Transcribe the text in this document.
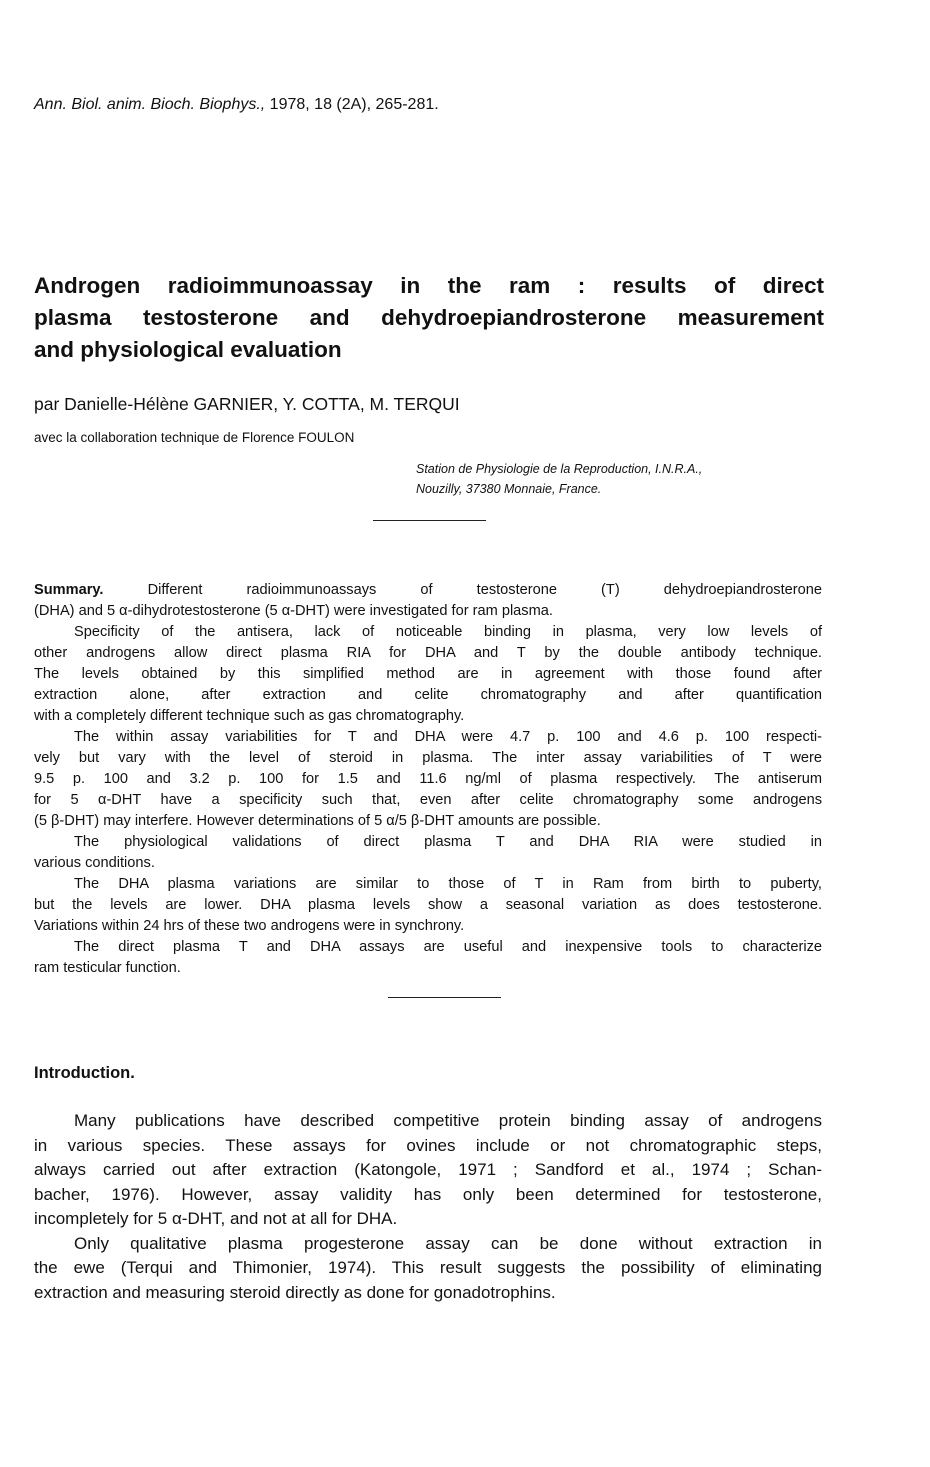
Ann. Biol. anim. Bioch. Biophys., 1978, 18 (2A), 265-281.
Androgen radioimmunoassay in the ram : results of direct
plasma testosterone and dehydroepiandrosterone measurement
and physiological evaluation
par Danielle-Hélène GARNIER, Y. COTTA, M. TERQUI
avec la collaboration technique de Florence FOULON
Station de Physiologie de la Reproduction, I.N.R.A.,
Nouzilly, 37380 Monnaie, France.
Summary. Different radioimmunoassays of testosterone (T) dehydroepiandrosterone
(DHA) and 5 α-dihydrotestosterone (5 α-DHT) were investigated for ram plasma.
Specificity of the antisera, lack of noticeable binding in plasma, very low levels of
other androgens allow direct plasma RIA for DHA and T by the double antibody technique.
The levels obtained by this simplified method are in agreement with those found after
extraction alone, after extraction and celite chromatography and after quantification
with a completely different technique such as gas chromatography.
The within assay variabilities for T and DHA were 4.7 p. 100 and 4.6 p. 100 respecti-
vely but vary with the level of steroid in plasma. The inter assay variabilities of T were
9.5 p. 100 and 3.2 p. 100 for 1.5 and 11.6 ng/ml of plasma respectively. The antiserum
for 5 α-DHT have a specificity such that, even after celite chromatography some androgens
(5 β-DHT) may interfere. However determinations of 5 α/5 β-DHT amounts are possible.
The physiological validations of direct plasma T and DHA RIA were studied in
various conditions.
The DHA plasma variations are similar to those of T in Ram from birth to puberty,
but the levels are lower. DHA plasma levels show a seasonal variation as does testosterone.
Variations within 24 hrs of these two androgens were in synchrony.
The direct plasma T and DHA assays are useful and inexpensive tools to characterize
ram testicular function.
Introduction.
Many publications have described competitive protein binding assay of androgens
in various species. These assays for ovines include or not chromatographic steps,
always carried out after extraction (Katongole, 1971 ; Sandford et al., 1974 ; Schan-
bacher, 1976). However, assay validity has only been determined for testosterone,
incompletely for 5 α-DHT, and not at all for DHA.
Only qualitative plasma progesterone assay can be done without extraction in
the ewe (Terqui and Thimonier, 1974). This result suggests the possibility of eliminating
extraction and measuring steroid directly as done for gonadotrophins.
